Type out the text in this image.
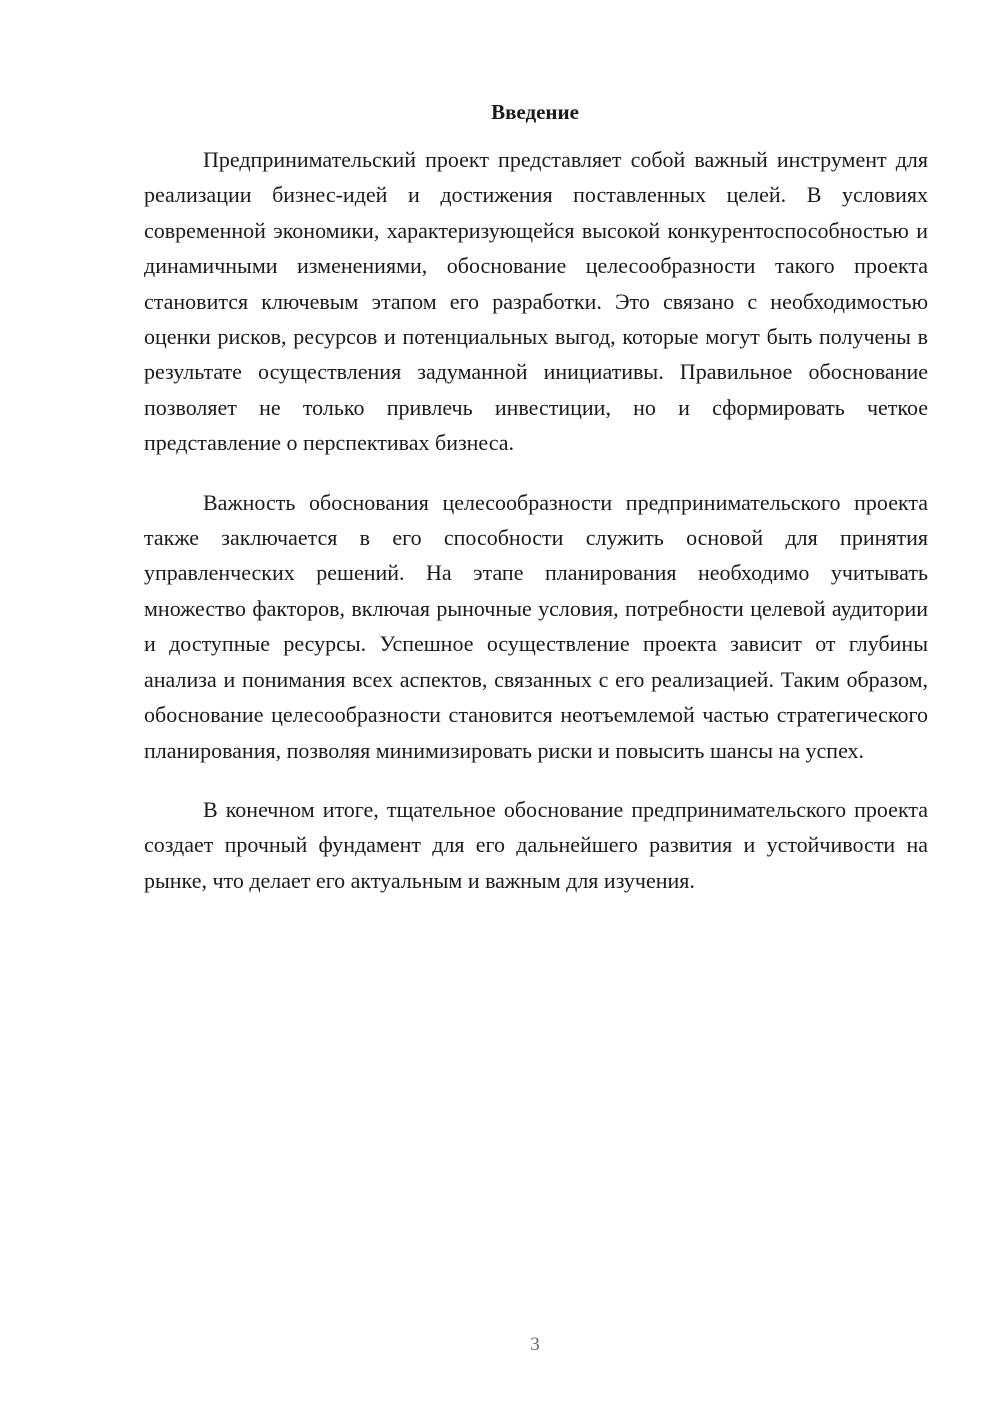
Введение

Предпринимательский проект представляет собой важный инструмент для реализации бизнес-идей и достижения поставленных целей. В условиях современной экономики, характеризующейся высокой конкурентоспособностью и динамичными изменениями, обоснование целесообразности такого проекта становится ключевым этапом его разработки. Это связано с необходимостью оценки рисков, ресурсов и потенциальных выгод, которые могут быть получены в результате осуществления задуманной инициативы. Правильное обоснование позволяет не только привлечь инвестиции, но и сформировать четкое представление о перспективах бизнеса.

Важность обоснования целесообразности предпринимательского проекта также заключается в его способности служить основой для принятия управленческих решений. На этапе планирования необходимо учитывать множество факторов, включая рыночные условия, потребности целевой аудитории и доступные ресурсы. Успешное осуществление проекта зависит от глубины анализа и понимания всех аспектов, связанных с его реализацией. Таким образом, обоснование целесообразности становится неотъемлемой частью стратегического планирования, позволяя минимизировать риски и повысить шансы на успех.

В конечном итоге, тщательное обоснование предпринимательского проекта создает прочный фундамент для его дальнейшего развития и устойчивости на рынке, что делает его актуальным и важным для изучения.

3
